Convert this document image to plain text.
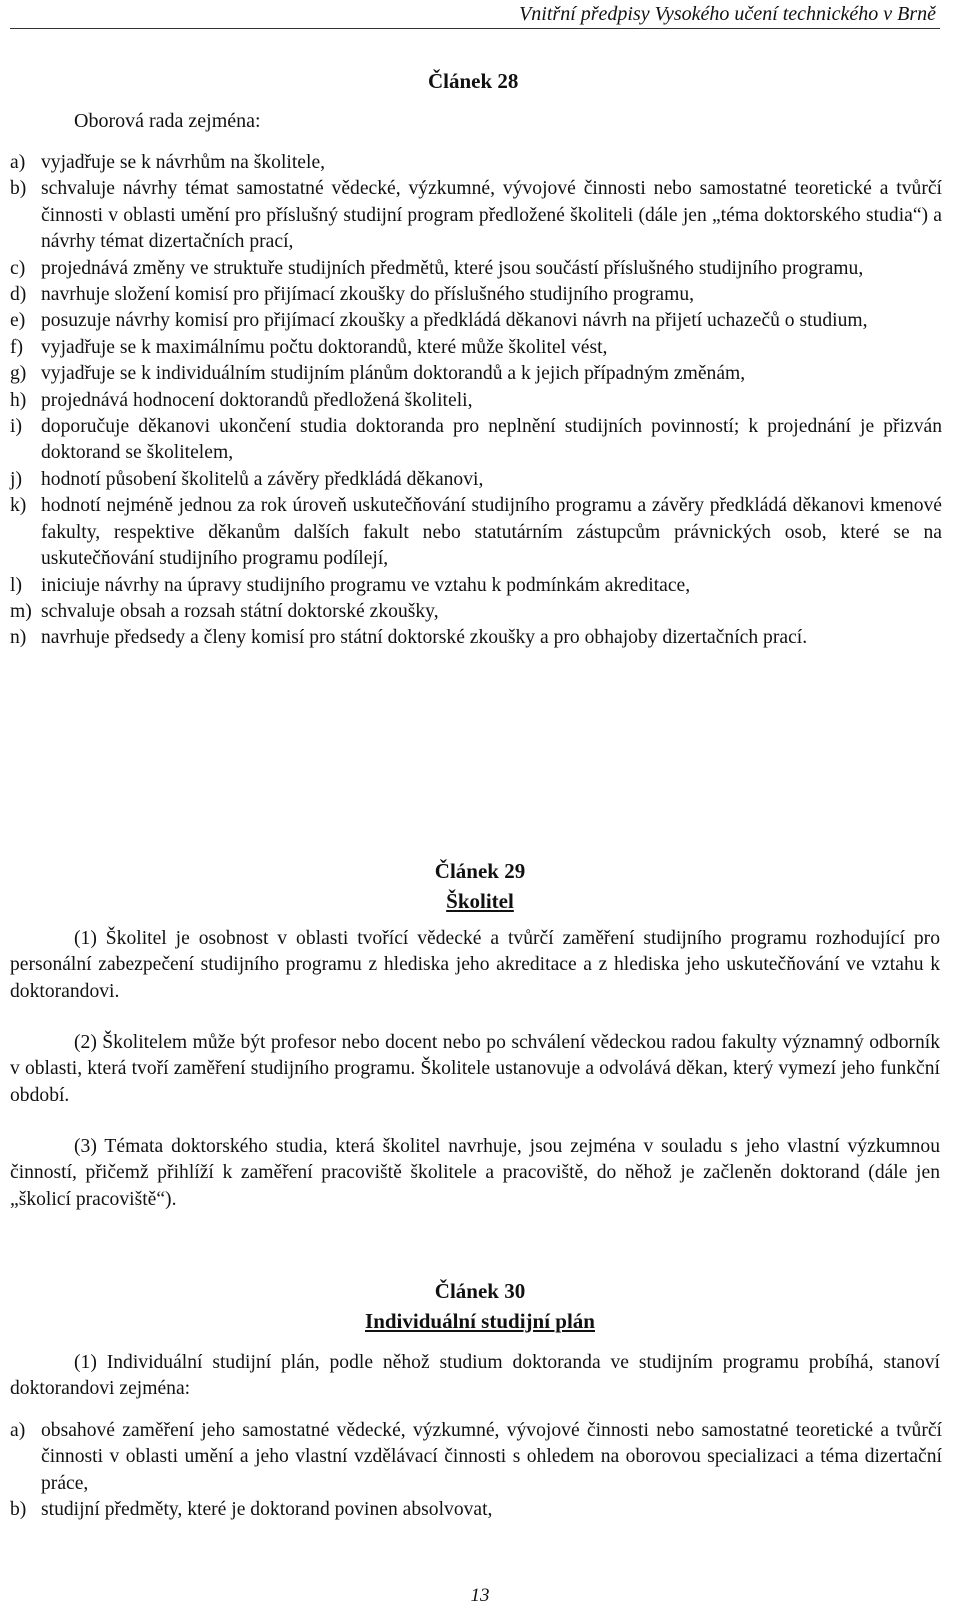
Vnitřní předpisy Vysokého učení technického v Brně
Článek 28
Oborová rada zejména:
a) vyjadřuje se k návrhům na školitele,
b) schvaluje návrhy témat samostatné vědecké, výzkumné, vývojové činnosti nebo samostatné teoretické a tvůrčí činnosti v oblasti umění pro příslušný studijní program předložené školiteli (dále jen „téma doktorského studia“) a návrhy témat dizertačních prací,
c) projednává změny ve struktuře studijních předmětů, které jsou součástí příslušného studijního programu,
d) navrhuje složení komisí pro přijímací zkoušky do příslušného studijního programu,
e) posuzuje návrhy komisí pro přijímací zkoušky a předkládá děkanovi návrh na přijetí uchazečů o studium,
f) vyjadřuje se k maximálnímu počtu doktorandů, které může školitel vést,
g) vyjadřuje se k individuálním studijním plánům doktorandů a k jejich případným změnám,
h) projednává hodnocení doktorandů předložená školiteli,
i) doporučuje děkanovi ukončení studia doktoranda pro neplnění studijních povinností; k projednání je přizván doktorand se školitelem,
j) hodnotí působení školitelů a závěry předkládá děkanovi,
k) hodnotí nejméně jednou za rok úroveň uskutečňování studijního programu a závěry předkládá děkanovi kmenové fakulty, respektive děkanům dalších fakult nebo statutárním zástupcům právnických osob, které se na uskutečňování studijního programu podílejí,
l) iniciuje návrhy na úpravy studijního programu ve vztahu k podmínkám akreditace,
m) schvaluje obsah a rozsah státní doktorské zkoušky,
n) navrhuje předsedy a členy komisí pro státní doktorské zkoušky a pro obhajoby dizertačních prací.
Článek 29
Školitel
(1) Školitel je osobnost v oblasti tvořící vědecké a tvůrčí zaměření studijního programu rozhodující pro personální zabezpečení studijního programu z hlediska jeho akreditace a z hlediska jeho uskutečňování ve vztahu k doktorandovi.
(2) Školitelem může být profesor nebo docent nebo po schválení vědeckou radou fakulty významný odborník v oblasti, která tvoří zaměření studijního programu. Školitele ustanovuje a odvolává děkan, který vymezí jeho funkční období.
(3) Témata doktorského studia, která školitel navrhuje, jsou zejména v souladu s jeho vlastní výzkumnou činností, přičemž přihlíží k zaměření pracoviště školitele a pracoviště, do něhož je začleněn doktorand (dále jen „školicí pracoviště“).
Článek 30
Individuální studijní plán
(1) Individuální studijní plán, podle něhož studium doktoranda ve studijním programu probíhá, stanoví doktorandovi zejména:
a) obsahové zaměření jeho samostatné vědecké, výzkumné, vývojové činnosti nebo samostatné teoretické a tvůrčí činnosti v oblasti umění a jeho vlastní vzdělávací činnosti s ohledem na oborovou specializaci a téma dizertační práce,
b) studijní předměty, které je doktorand povinen absolvovat,
13
